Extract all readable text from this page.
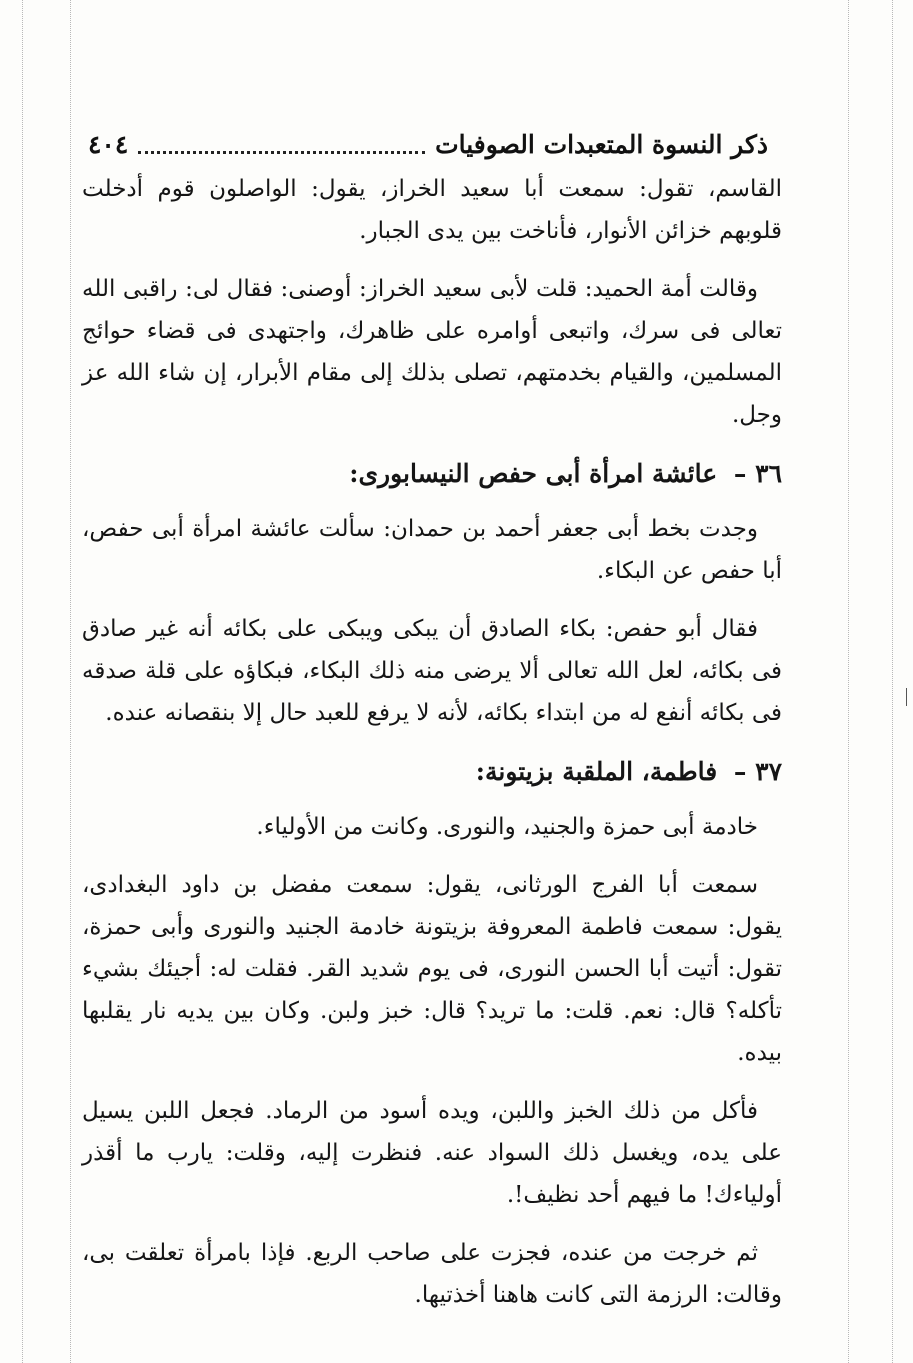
ذكر النسوة المتعبدات الصوفيات
٤٠٤

القاسم، تقول: سمعت أبا سعيد الخراز، يقول: الواصلون قوم أدخلت قلوبهم خزائن الأنوار، فأناخت بين يدى الجبار.

وقالت أمة الحميد: قلت لأبى سعيد الخراز: أوصنى: فقال لى: راقبى الله تعالى فى سرك، واتبعى أوامره على ظاهرك، واجتهدى فى قضاء حوائج المسلمين، والقيام بخدمتهم، تصلى بذلك إلى مقام الأبرار، إن شاء الله عز وجل.

٣٦ – عائشة امرأة أبى حفص النيسابورى:

وجدت بخط أبى جعفر أحمد بن حمدان: سألت عائشة امرأة أبى حفص، أبا حفص عن البكاء.

فقال أبو حفص: بكاء الصادق أن يبكى ويبكى على بكائه أنه غير صادق فى بكائه، لعل الله تعالى ألا يرضى منه ذلك البكاء، فبكاؤه على قلة صدقه فى بكائه أنفع له من ابتداء بكائه، لأنه لا يرفع للعبد حال إلا بنقصانه عنده.

٣٧ – فاطمة، الملقبة بزيتونة:

خادمة أبى حمزة والجنيد، والنورى. وكانت من الأولياء.

سمعت أبا الفرج الورثانى، يقول: سمعت مفضل بن داود البغدادى، يقول: سمعت فاطمة المعروفة بزيتونة خادمة الجنيد والنورى وأبى حمزة، تقول: أتيت أبا الحسن النورى، فى يوم شديد القر. فقلت له: أجيئك بشيء تأكله؟ قال: نعم. قلت: ما تريد؟ قال: خبز ولبن. وكان بين يديه نار يقلبها بيده.

فأكل من ذلك الخبز واللبن، ويده أسود من الرماد. فجعل اللبن يسيل على يده، ويغسل ذلك السواد عنه. فنظرت إليه، وقلت: يارب ما أقذر أولياءك! ما فيهم أحد نظيف!.

ثم خرجت من عنده، فجزت على صاحب الربع. فإذا بامرأة تعلقت بى، وقالت: الرزمة التى كانت هاهنا أخذتيها.
